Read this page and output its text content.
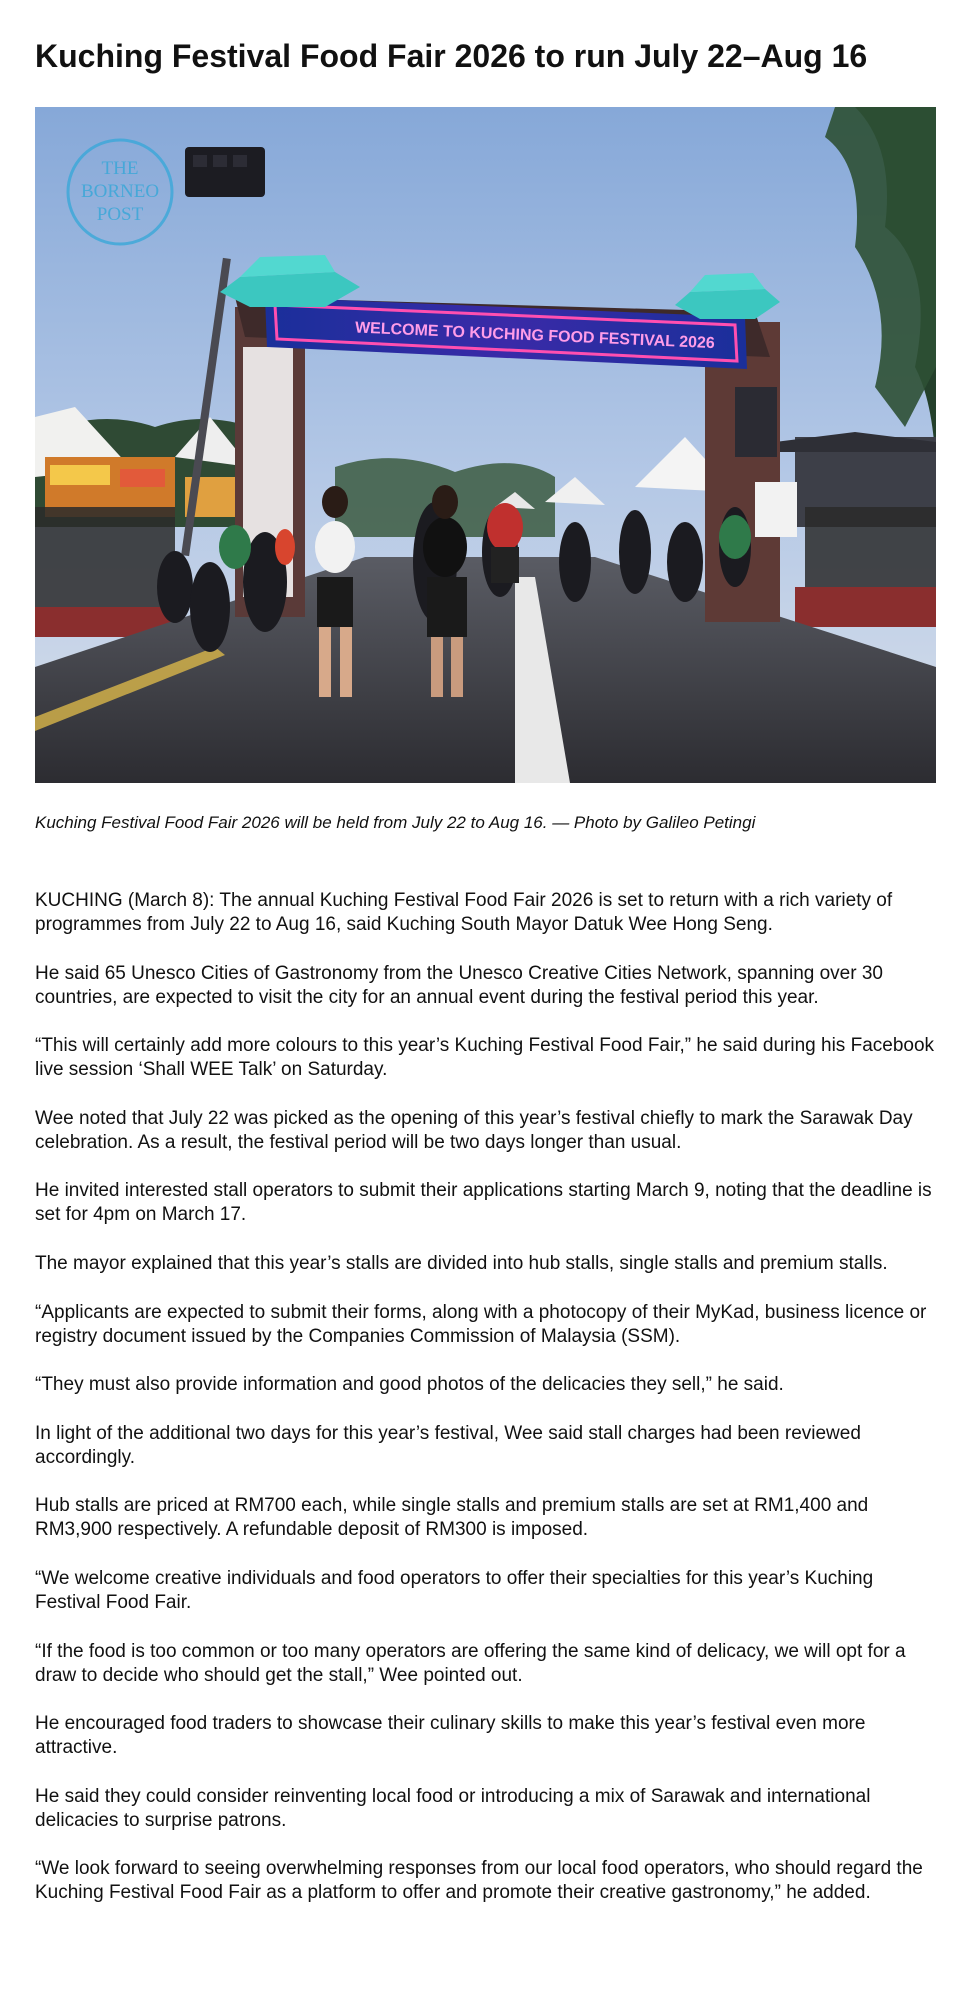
Kuching Festival Food Fair 2026 to run July 22–Aug 16
WELCOME TO KUCHING FOOD FESTIVAL 2026
THE
BORNEO
POST

Kuching Festival Food Fair 2026 will be held from July 22 to Aug 16. — Photo by Galileo Petingi

KUCHING (March 8): The annual Kuching Festival Food Fair 2026 is set to return with a rich variety of programmes from July 22 to Aug 16, said Kuching South Mayor Datuk Wee Hong Seng.

He said 65 Unesco Cities of Gastronomy from the Unesco Creative Cities Network, spanning over 30 countries, are expected to visit the city for an annual event during the festival period this year.

“This will certainly add more colours to this year’s Kuching Festival Food Fair,” he said during his Facebook live session ‘Shall WEE Talk’ on Saturday.

Wee noted that July 22 was picked as the opening of this year’s festival chiefly to mark the Sarawak Day celebration. As a result, the festival period will be two days longer than usual.

He invited interested stall operators to submit their applications starting March 9, noting that the deadline is set for 4pm on March 17.

The mayor explained that this year’s stalls are divided into hub stalls, single stalls and premium stalls.

“Applicants are expected to submit their forms, along with a photocopy of their MyKad, business licence or registry document issued by the Companies Commission of Malaysia (SSM).

“They must also provide information and good photos of the delicacies they sell,” he said.

In light of the additional two days for this year’s festival, Wee said stall charges had been reviewed accordingly.

Hub stalls are priced at RM700 each, while single stalls and premium stalls are set at RM1,400 and RM3,900 respectively. A refundable deposit of RM300 is imposed.

“We welcome creative individuals and food operators to offer their specialties for this year’s Kuching Festival Food Fair.

“If the food is too common or too many operators are offering the same kind of delicacy, we will opt for a draw to decide who should get the stall,” Wee pointed out.

He encouraged food traders to showcase their culinary skills to make this year’s festival even more attractive.

He said they could consider reinventing local food or introducing a mix of Sarawak and international delicacies to surprise patrons.

“We look forward to seeing overwhelming responses from our local food operators, who should regard the Kuching Festival Food Fair as a platform to offer and promote their creative gastronomy,” he added.
